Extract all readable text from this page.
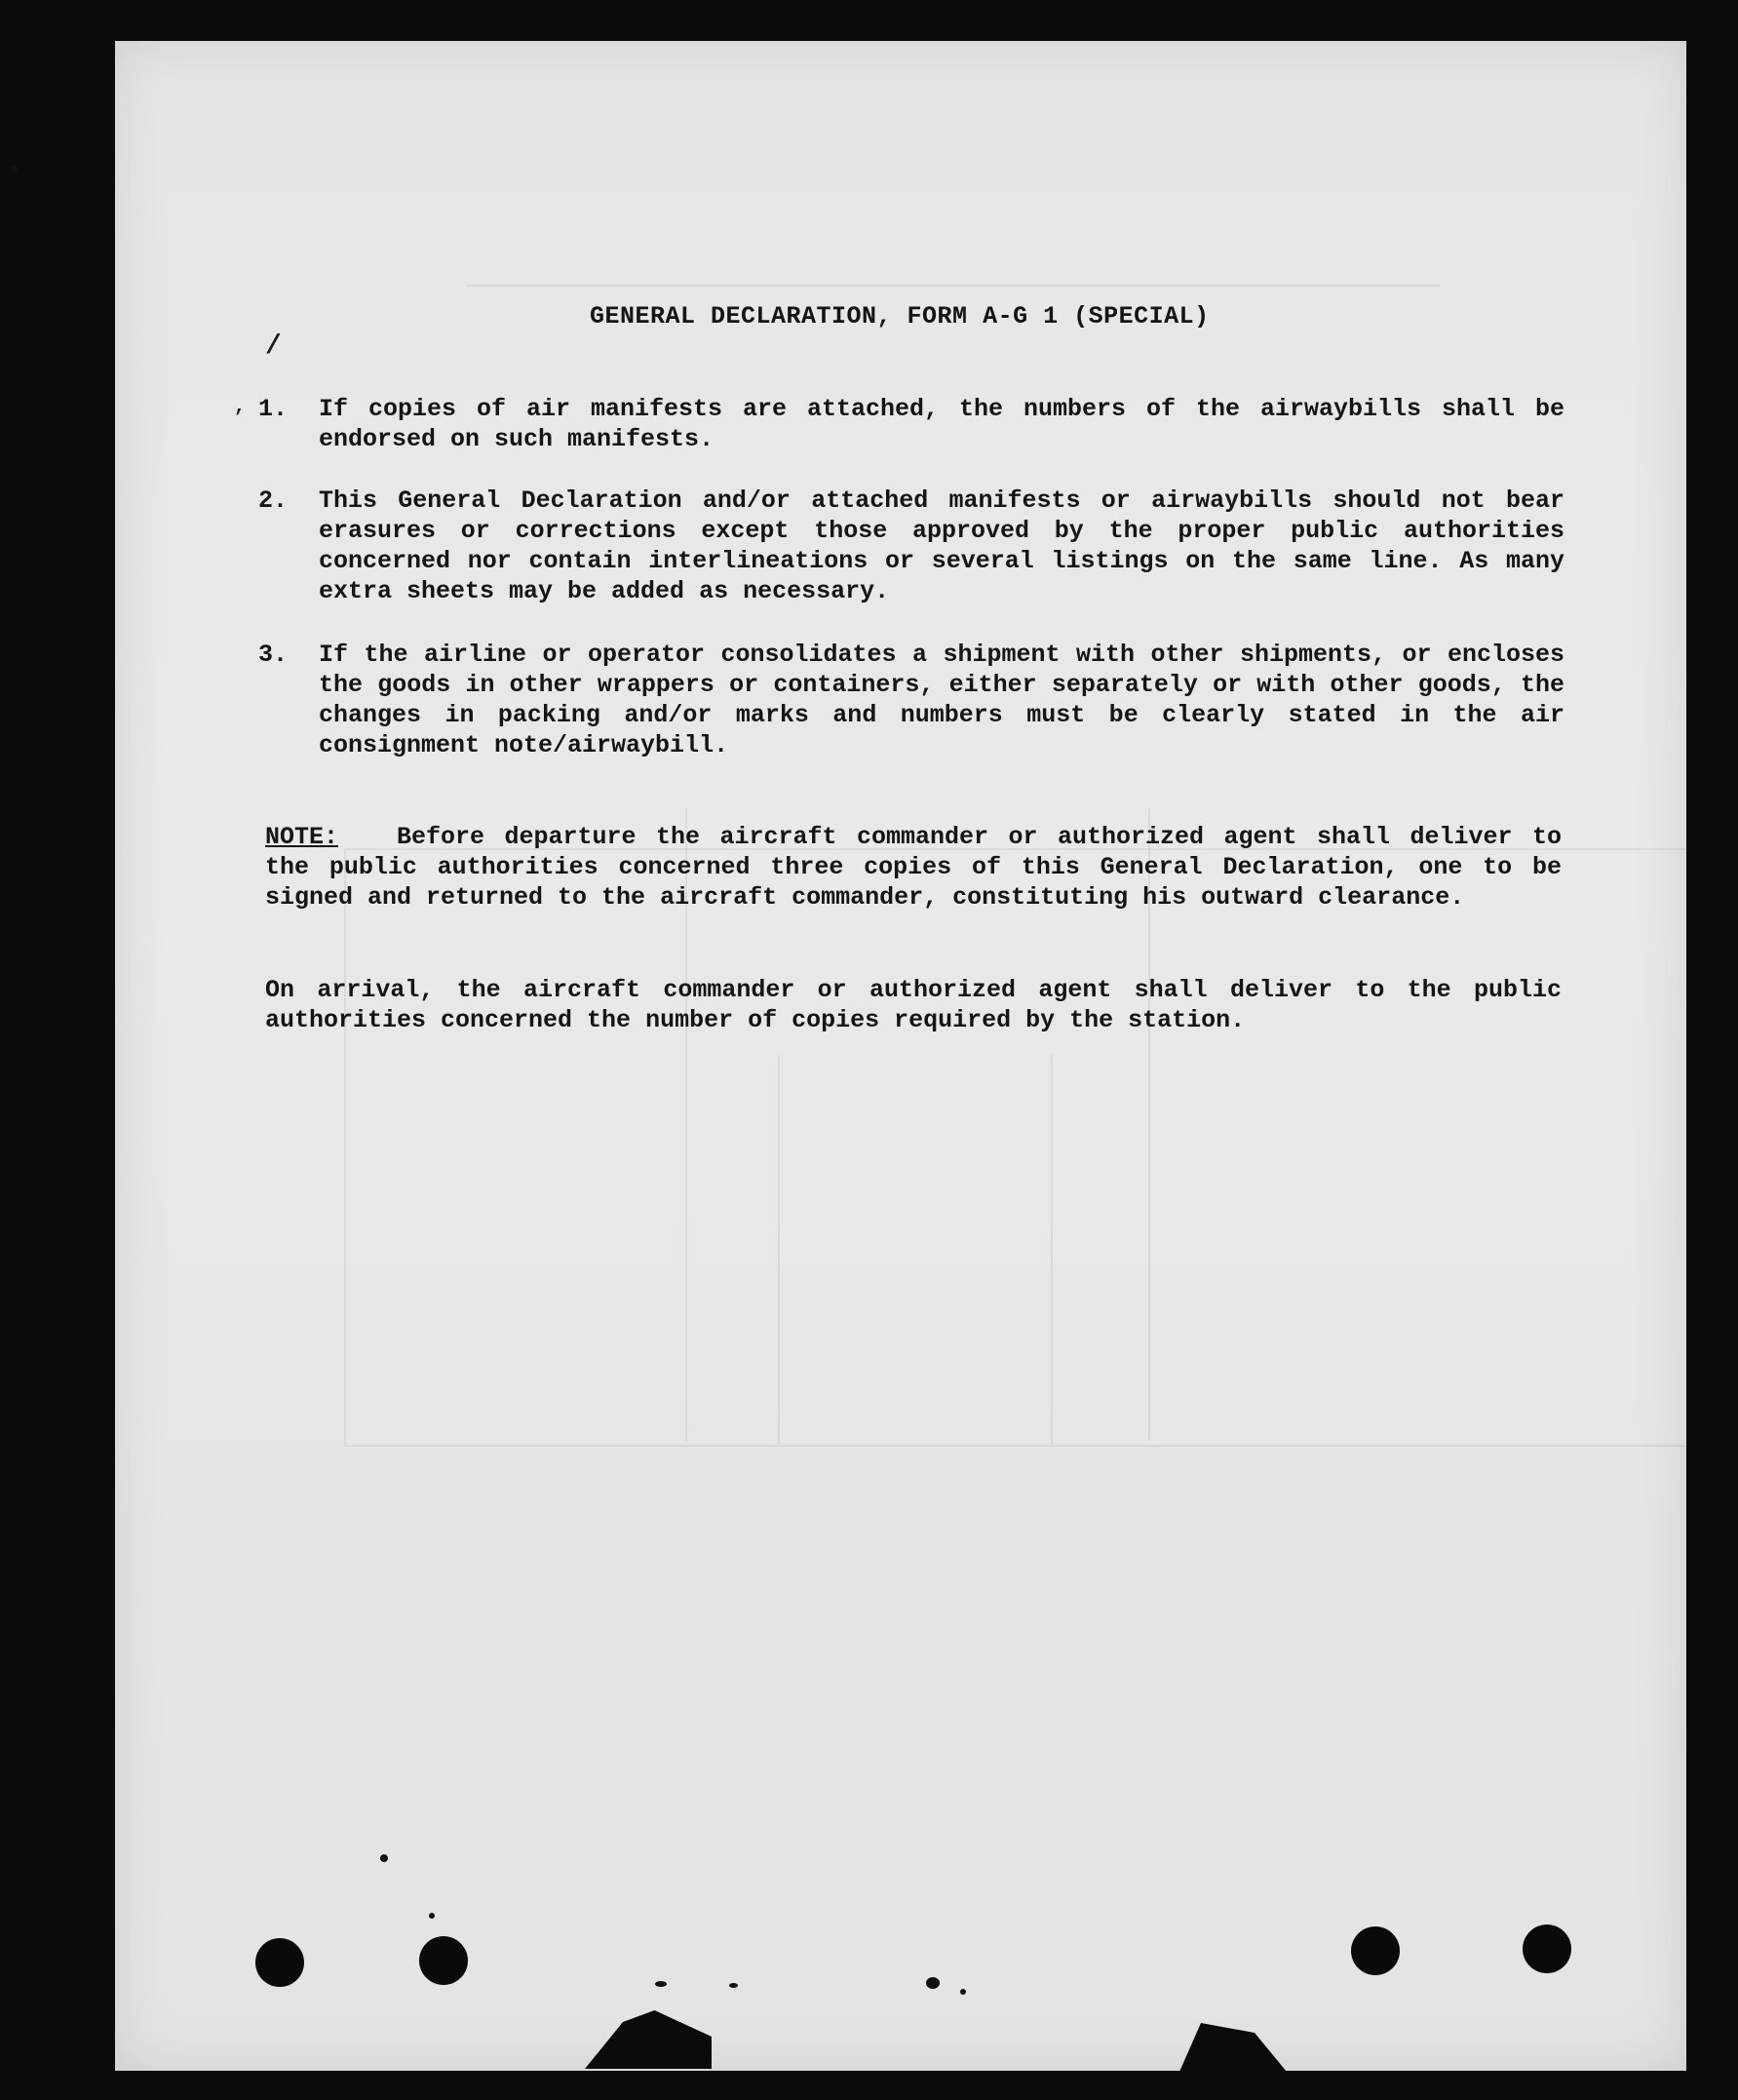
GENERAL DECLARATION, FORM A-G 1 (SPECIAL)
/
, 1.	If copies of air manifests are attached, the numbers of the airwaybills shall be endorsed on such manifests.
2.	This General Declaration and/or attached manifests or airwaybills should not bear erasures or corrections except those approved by the proper public authorities concerned nor contain interlineations or several listings on the same line. As many extra sheets may be added as necessary.
3.	If the airline or operator consolidates a shipment with other shipments, or encloses the goods in other wrappers or containers, either separately or with other goods, the changes in packing and/or marks and numbers must be clearly stated in the air consignment note/airwaybill.
NOTE: Before departure the aircraft commander or authorized agent shall deliver to the public authorities concerned three copies of this General Declaration, one to be signed and returned to the aircraft commander, constituting his outward clearance.
On arrival, the aircraft commander or authorized agent shall deliver to the public authorities concerned the number of copies required by the station.
